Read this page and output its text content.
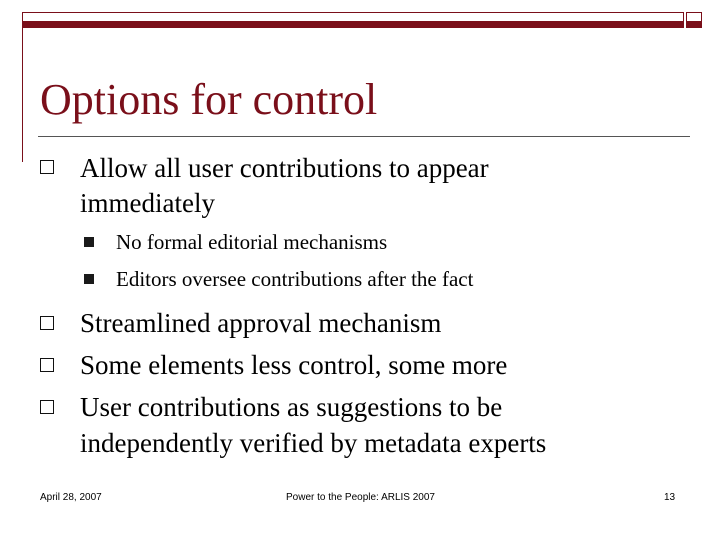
Options for control
Allow all user contributions to appear
immediately
No formal editorial mechanisms
Editors oversee contributions after the fact
Streamlined approval mechanism
Some elements less control, some more
User contributions as suggestions to be
independently verified by metadata experts
April 28, 2007	Power to the People: ARLIS 2007	13
